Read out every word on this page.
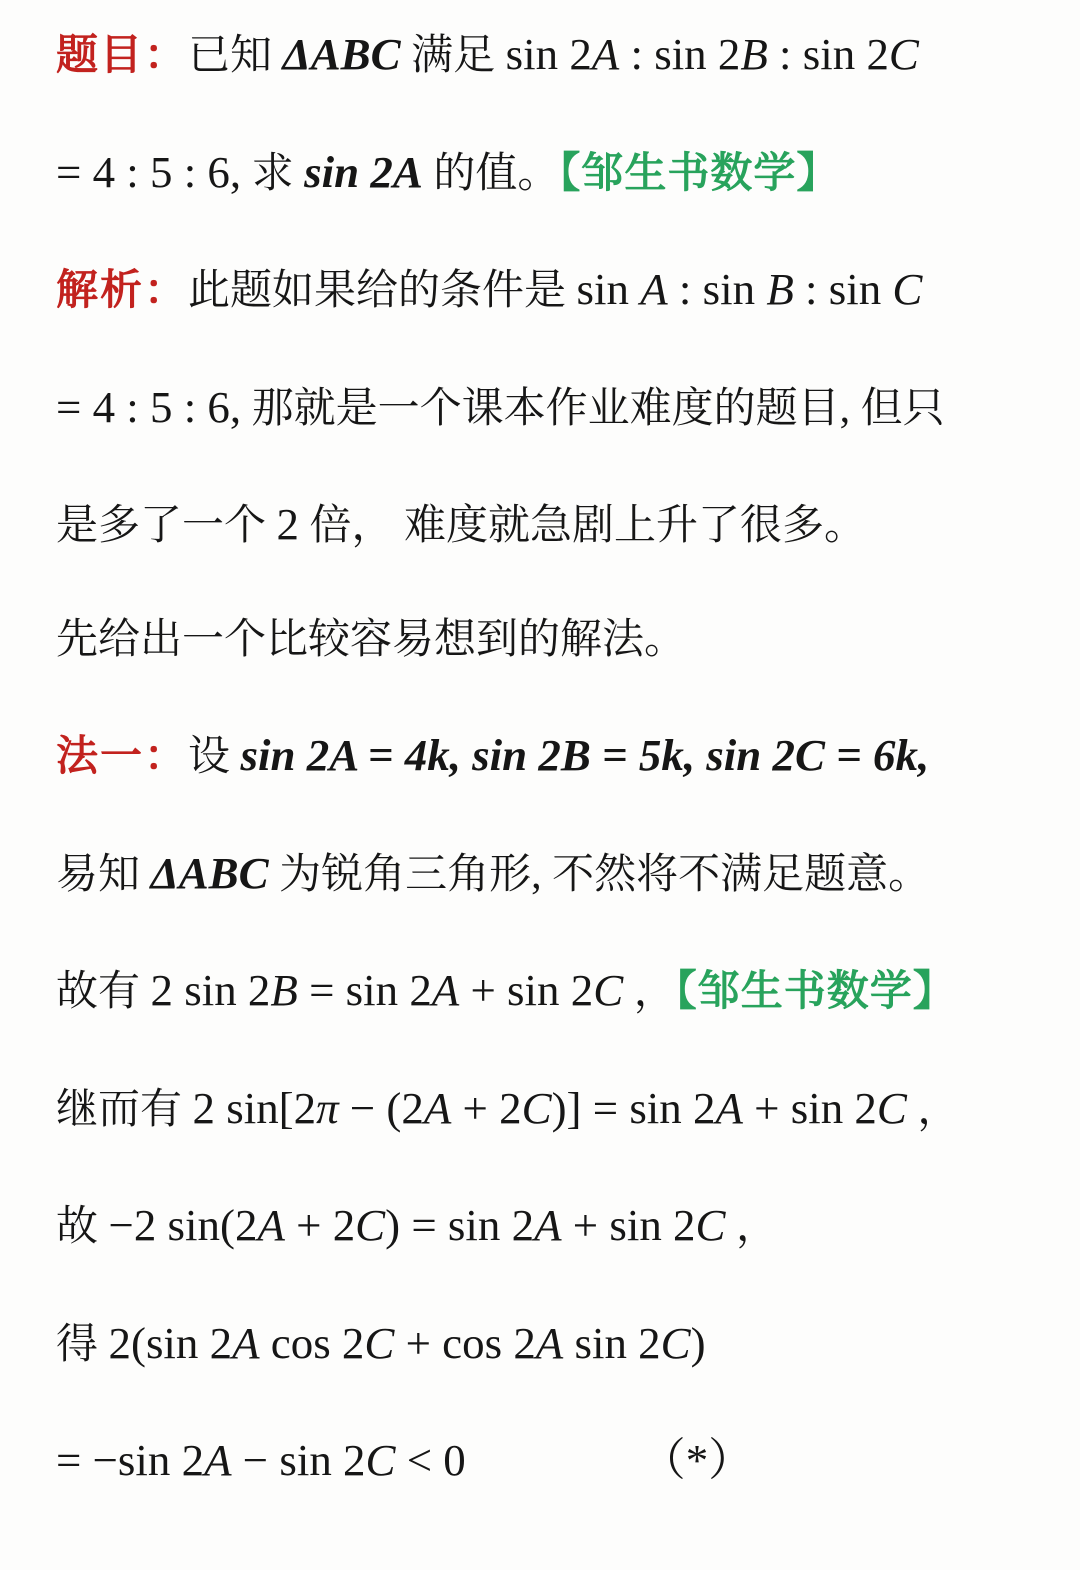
题目：已知 ΔABC 满足 sin 2A : sin 2B : sin 2C

= 4 : 5 : 6, 求 sin 2A 的值。【邹生书数学】

解析：此题如果给的条件是 sin A : sin B : sin C

= 4 : 5 : 6, 那就是一个课本作业难度的题目, 但只

是多了一个 2 倍， 难度就急剧上升了很多。

先给出一个比较容易想到的解法。

法一：设 sin 2A = 4k, sin 2B = 5k, sin 2C = 6k,

易知 ΔABC 为锐角三角形, 不然将不满足题意。

故有 2 sin 2B = sin 2A + sin 2C ，【邹生书数学】

继而有 2 sin[2π − (2A + 2C)] = sin 2A + sin 2C ，

故 −2 sin(2A + 2C) = sin 2A + sin 2C ，

得 2(sin 2A cos 2C + cos 2A sin 2C)

= −sin 2A − sin 2C < 0	（*）
